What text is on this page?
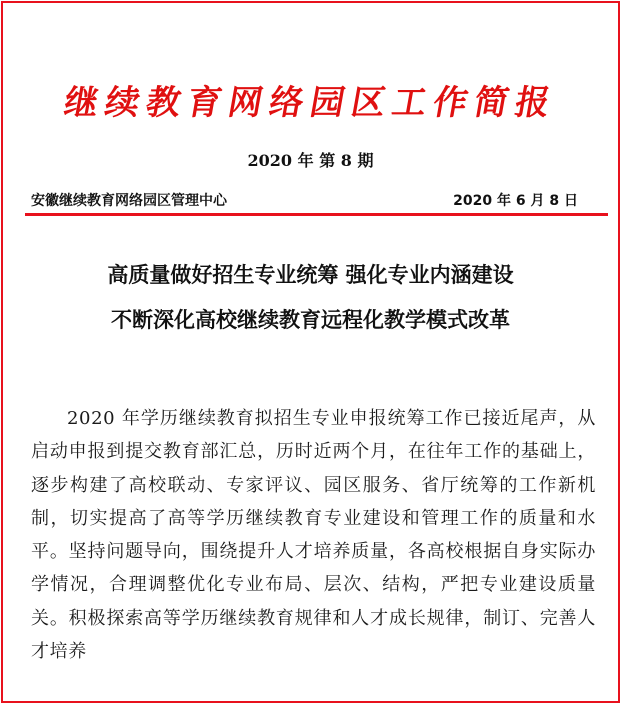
继续教育网络园区工作简报
2020 年 第 8 期
安徽继续教育网络园区管理中心	2020 年 6 月 8 日
高质量做好招生专业统筹 强化专业内涵建设
不断深化高校继续教育远程化教学模式改革

2020 年学历继续教育拟招生专业申报统筹工作已接近尾声，从启动申报到提交教育部汇总，历时近两个月，在往年工作的基础上，逐步构建了高校联动、专家评议、园区服务、省厅统筹的工作新机制，切实提高了高等学历继续教育专业建设和管理工作的质量和水平。坚持问题导向，围绕提升人才培养质量，各高校根据自身实际办学情况，合理调整优化专业布局、层次、结构，严把专业建设质量关。积极探索高等学历继续教育规律和人才成长规律，制订、完善人才培养
